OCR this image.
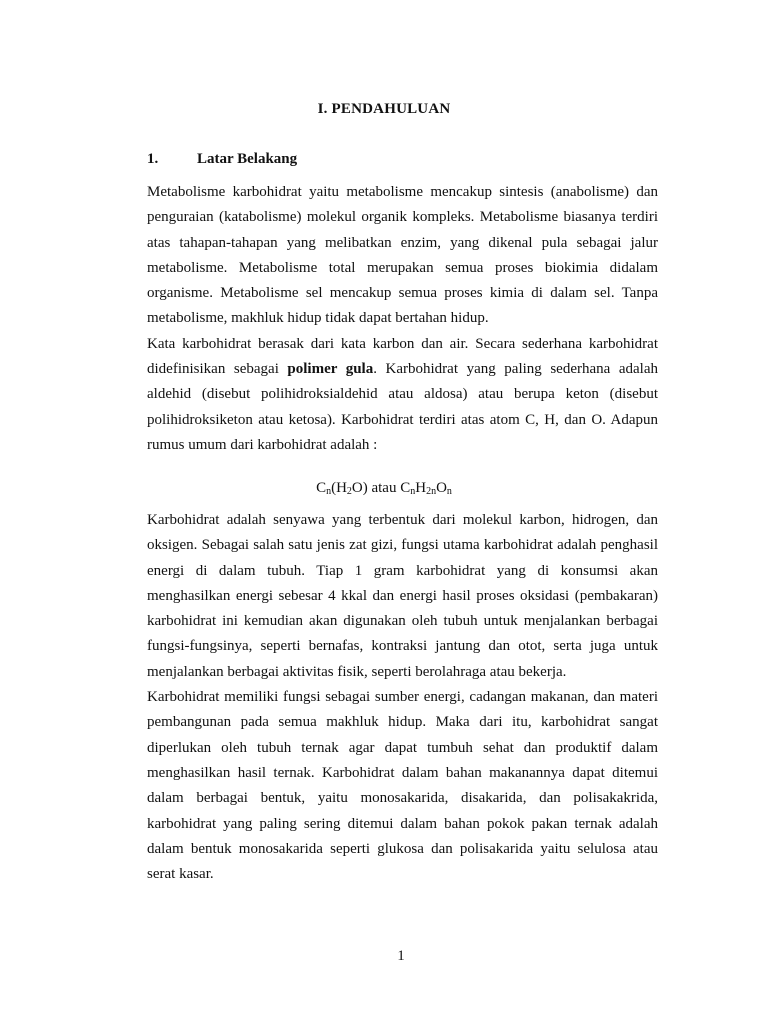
I. PENDAHULUAN
1.	Latar Belakang

Metabolisme karbohidrat yaitu metabolisme mencakup sintesis (anabolisme) dan penguraian (katabolisme) molekul organik kompleks. Metabolisme biasanya terdiri atas tahapan-tahapan yang melibatkan enzim, yang dikenal pula sebagai jalur metabolisme. Metabolisme total merupakan semua proses biokimia didalam organisme. Metabolisme sel mencakup semua proses kimia di dalam sel. Tanpa metabolisme, makhluk hidup tidak dapat bertahan hidup.

Kata karbohidrat berasak dari kata karbon dan air. Secara sederhana karbohidrat didefinisikan sebagai polimer gula. Karbohidrat yang paling sederhana adalah aldehid (disebut polihidroksialdehid atau aldosa) atau berupa keton (disebut polihidroksiketon atau ketosa). Karbohidrat terdiri atas atom C, H, dan O. Adapun rumus umum dari karbohidrat adalah :

$C_n(H_2O)$ atau $C_nH_{2n}O_n$

Karbohidrat adalah senyawa yang terbentuk dari molekul karbon, hidrogen, dan oksigen. Sebagai salah satu jenis zat gizi, fungsi utama karbohidrat adalah penghasil energi di dalam tubuh. Tiap 1 gram karbohidrat yang di konsumsi akan menghasilkan energi sebesar 4 kkal dan energi hasil proses oksidasi (pembakaran) karbohidrat ini kemudian akan digunakan oleh tubuh untuk menjalankan berbagai fungsi-fungsinya, seperti bernafas, kontraksi jantung dan otot, serta juga untuk menjalankan berbagai aktivitas fisik, seperti berolahraga atau bekerja.

Karbohidrat memiliki fungsi sebagai sumber energi, cadangan makanan, dan materi pembangunan pada semua makhluk hidup. Maka dari itu, karbohidrat sangat diperlukan oleh tubuh ternak agar dapat tumbuh sehat dan produktif dalam menghasilkan hasil ternak. Karbohidrat dalam bahan makanannya dapat ditemui dalam berbagai bentuk, yaitu monosakarida, disakarida, dan polisakakrida, karbohidrat yang paling sering ditemui dalam bahan pokok pakan ternak adalah dalam bentuk monosakarida seperti glukosa dan polisakarida yaitu selulosa atau serat kasar.

1
